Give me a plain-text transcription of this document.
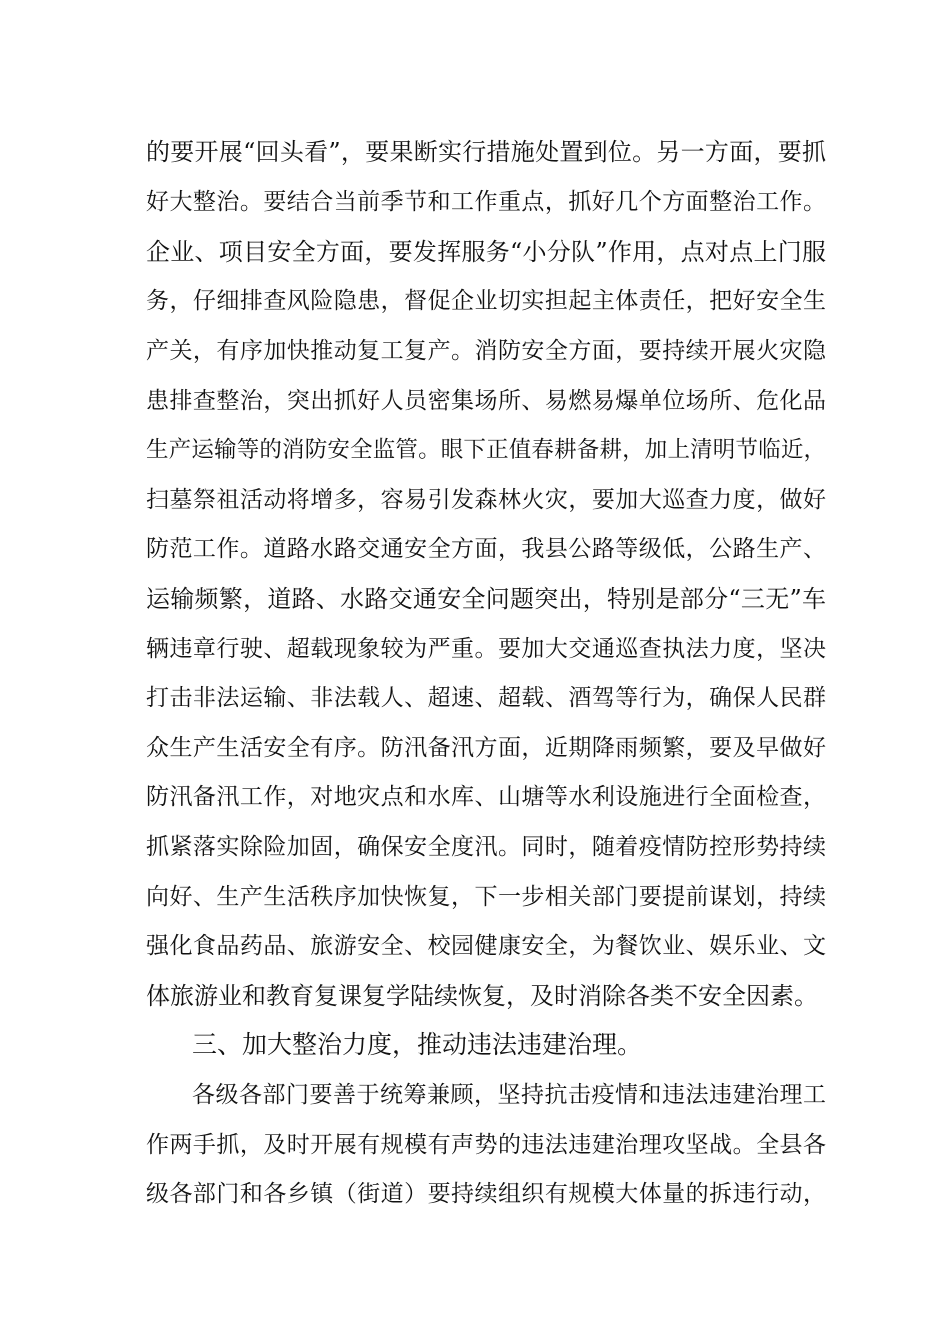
的要开展“回头看”，要果断实行措施处置到位。另一方面，要抓
好大整治。要结合当前季节和工作重点，抓好几个方面整治工作。
企业、项目安全方面，要发挥服务“小分队”作用，点对点上门服
务，仔细排查风险隐患，督促企业切实担起主体责任，把好安全生
产关，有序加快推动复工复产。消防安全方面，要持续开展火灾隐
患排查整治，突出抓好人员密集场所、易燃易爆单位场所、危化品
生产运输等的消防安全监管。眼下正值春耕备耕，加上清明节临近，
扫墓祭祖活动将增多，容易引发森林火灾，要加大巡查力度，做好
防范工作。道路水路交通安全方面，我县公路等级低，公路生产、
运输频繁，道路、水路交通安全问题突出，特别是部分“三无”车
辆违章行驶、超载现象较为严重。要加大交通巡查执法力度，坚决
打击非法运输、非法载人、超速、超载、酒驾等行为，确保人民群
众生产生活安全有序。防汛备汛方面，近期降雨频繁，要及早做好
防汛备汛工作，对地灾点和水库、山塘等水利设施进行全面检查，
抓紧落实除险加固，确保安全度汛。同时，随着疫情防控形势持续
向好、生产生活秩序加快恢复，下一步相关部门要提前谋划，持续
强化食品药品、旅游安全、校园健康安全，为餐饮业、娱乐业、文
体旅游业和教育复课复学陆续恢复，及时消除各类不安全因素。
三、加大整治力度，推动违法违建治理。
各级各部门要善于统筹兼顾，坚持抗击疫情和违法违建治理工
作两手抓，及时开展有规模有声势的违法违建治理攻坚战。全县各
级各部门和各乡镇（街道）要持续组织有规模大体量的拆违行动，
